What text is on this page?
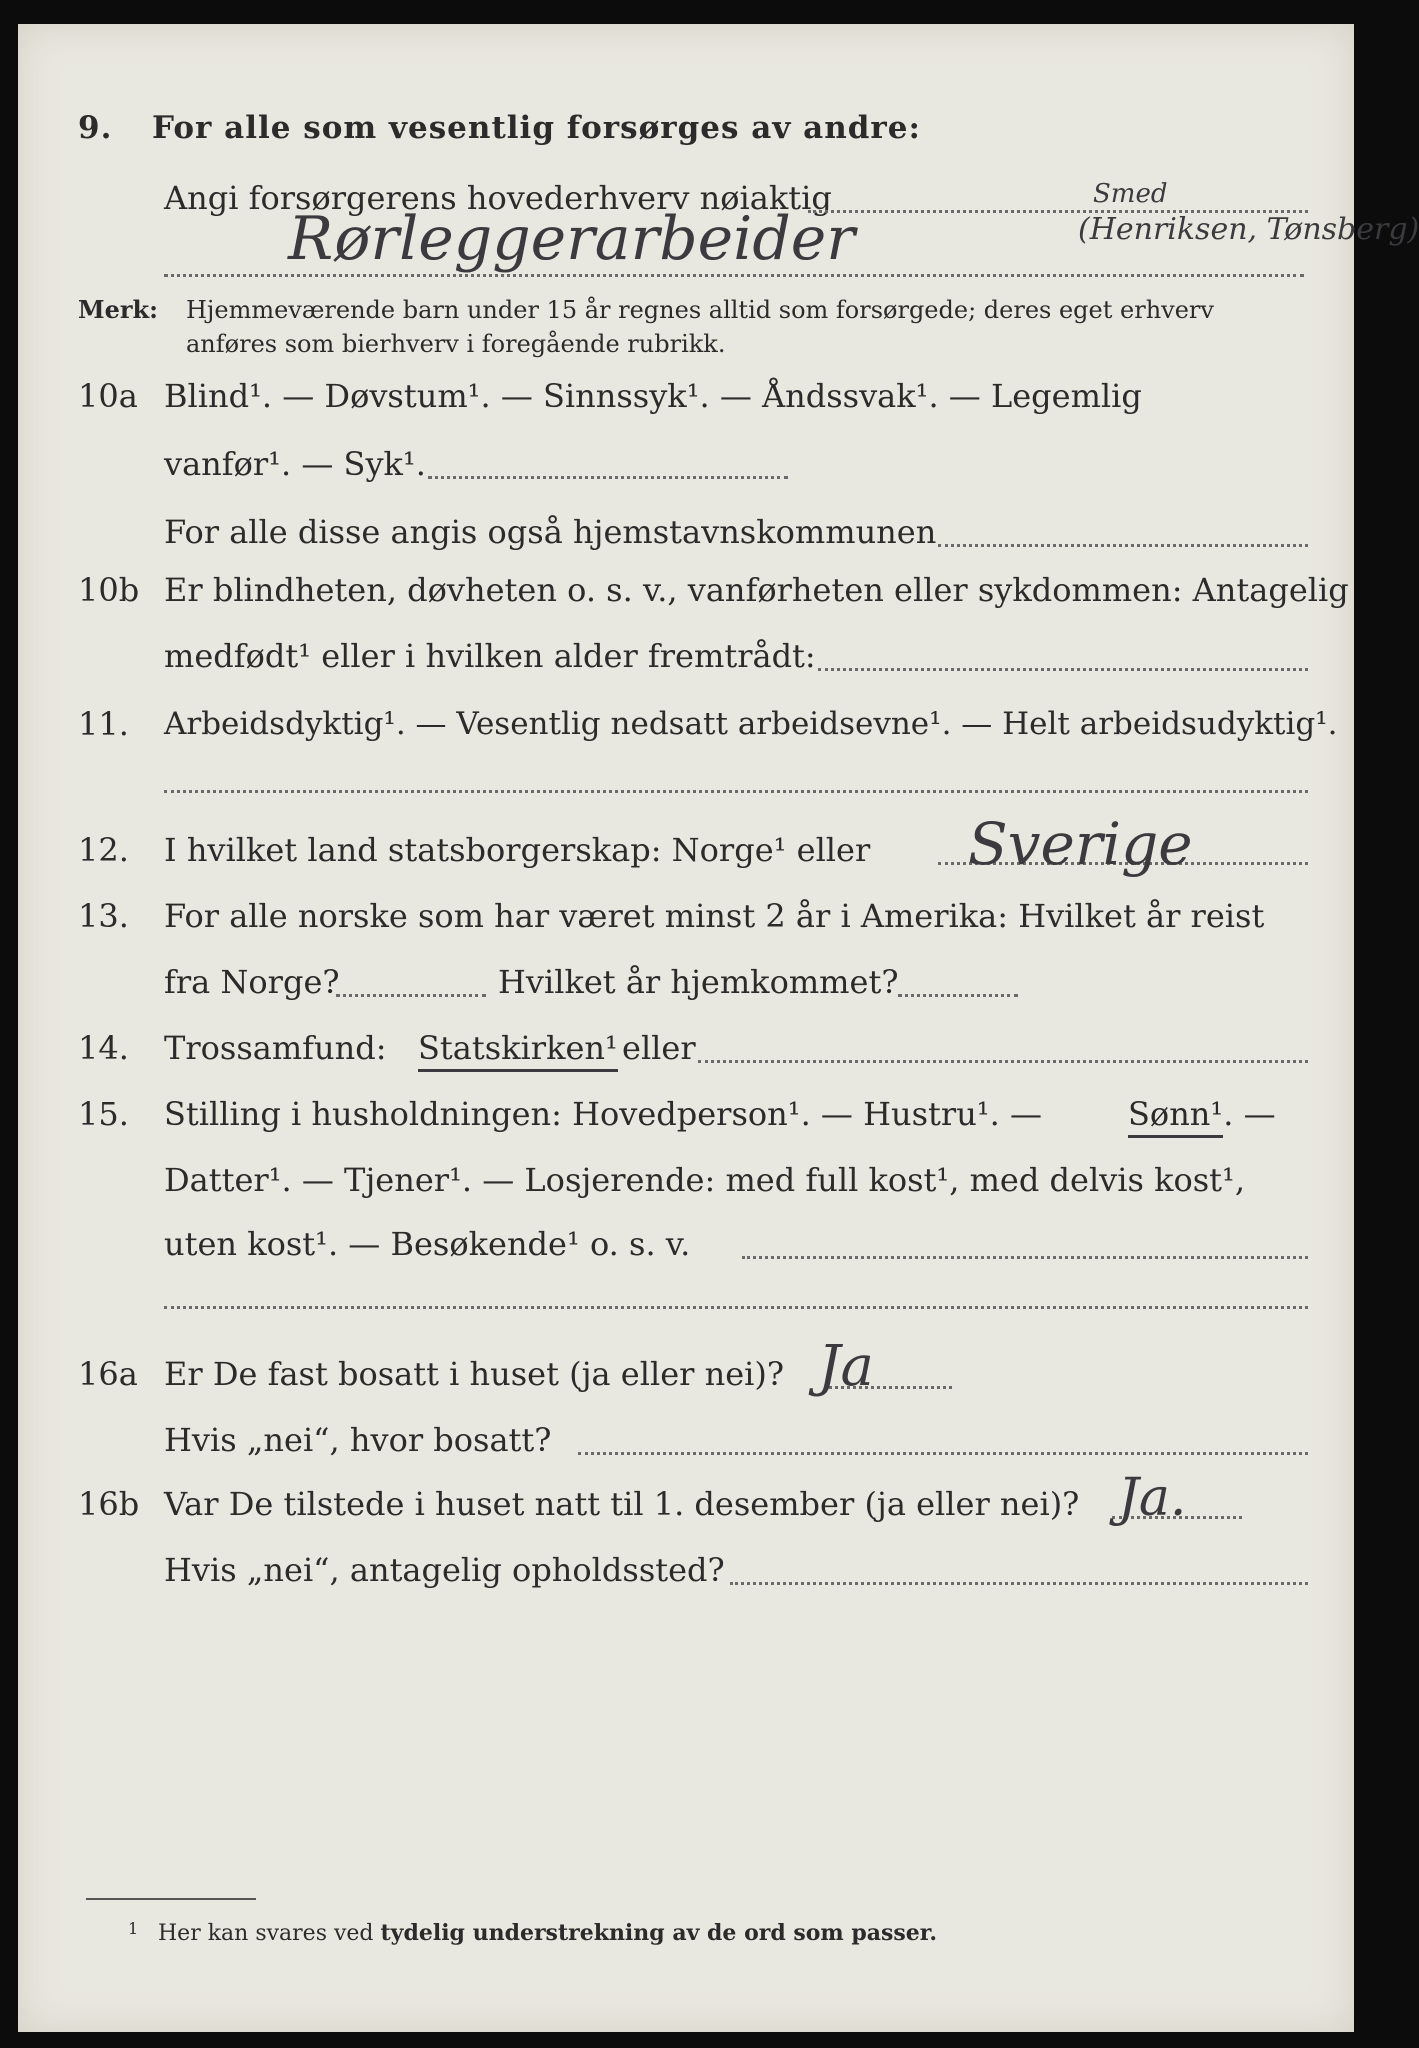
9. For alle som vesentlig forsørges av andre:
Angi forsørgerens hovederhverv nøiaktig
Rørleggerarbeider	(Henriksen, Tønsberg)
Smed
Merk: Hjemmeværende barn under 15 år regnes alltid som forsørgede; deres eget erhverv
anføres som bierhverv i foregående rubrikk.
10a Blind¹. — Døvstum¹. — Sinnssyk¹. — Åndssvak¹. — Legemlig
vanfør¹. — Syk¹.
For alle disse angis også hjemstavnskommunen
10b Er blindheten, døvheten o. s. v., vanførheten eller sykdommen: Antagelig
medfødt¹ eller i hvilken alder fremtrådt:
11. Arbeidsdyktig¹. — Vesentlig nedsatt arbeidsevne¹. — Helt arbeidsudyktig¹.
12. I hvilket land statsborgerskap: Norge¹ eller Sverige
13. For alle norske som har været minst 2 år i Amerika: Hvilket år reist
fra Norge?	Hvilket år hjemkommet?
14. Trossamfund: Statskirken¹ eller
15. Stilling i husholdningen: Hovedperson¹. — Hustru¹. —	Sønn¹. —
Datter¹. — Tjener¹. — Losjerende: med full kost¹, med delvis kost¹,
uten kost¹. — Besøkende¹ o. s. v.
16a Er De fast bosatt i huset (ja eller nei)? Ja
Hvis „nei“, hvor bosatt?
16b Var De tilstede i huset natt til 1. desember (ja eller nei)? Ja.
Hvis „nei“, antagelig opholdssted?
1 Her kan svares ved tydelig understrekning av de ord som passer.
